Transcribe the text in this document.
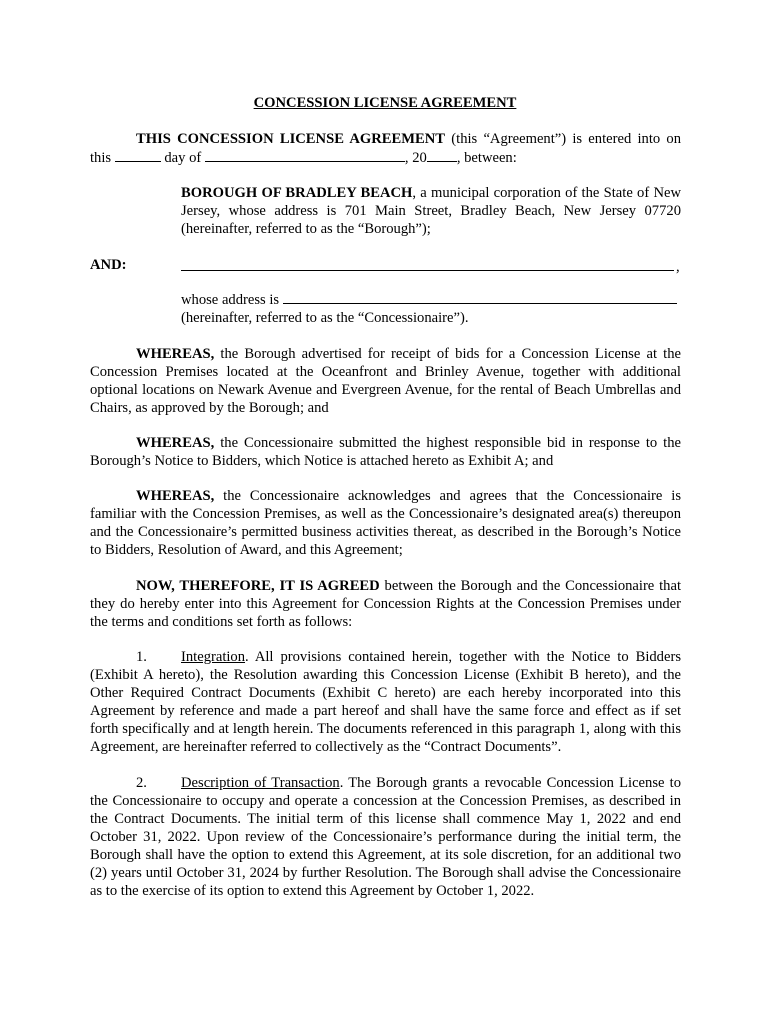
CONCESSION LICENSE AGREEMENT
THIS CONCESSION LICENSE AGREEMENT (this “Agreement”) is entered into on this	day of	, 20 , between:
BOROUGH OF BRADLEY BEACH, a municipal corporation of the State of New Jersey, whose address is 701 Main Street, Bradley Beach, New Jersey 07720 (hereinafter, referred to as the “Borough”);
AND:	,
whose address is
(hereinafter, referred to as the “Concessionaire”).
WHEREAS, the Borough advertised for receipt of bids for a Concession License at the Concession Premises located at the Oceanfront and Brinley Avenue, together with additional optional locations on Newark Avenue and Evergreen Avenue, for the rental of Beach Umbrellas and Chairs, as approved by the Borough; and
WHEREAS, the Concessionaire submitted the highest responsible bid in response to the Borough’s Notice to Bidders, which Notice is attached hereto as Exhibit A; and
WHEREAS, the Concessionaire acknowledges and agrees that the Concessionaire is familiar with the Concession Premises, as well as the Concessionaire’s designated area(s) thereupon and the Concessionaire’s permitted business activities thereat, as described in the Borough’s Notice to Bidders, Resolution of Award, and this Agreement;
NOW, THEREFORE, IT IS AGREED between the Borough and the Concessionaire that they do hereby enter into this Agreement for Concession Rights at the Concession Premises under the terms and conditions set forth as follows:
1. Integration. All provisions contained herein, together with the Notice to Bidders (Exhibit A hereto), the Resolution awarding this Concession License (Exhibit B hereto), and the Other Required Contract Documents (Exhibit C hereto) are each hereby incorporated into this Agreement by reference and made a part hereof and shall have the same force and effect as if set forth specifically and at length herein. The documents referenced in this paragraph 1, along with this Agreement, are hereinafter referred to collectively as the “Contract Documents”.
2. Description of Transaction. The Borough grants a revocable Concession License to the Concessionaire to occupy and operate a concession at the Concession Premises, as described in the Contract Documents. The initial term of this license shall commence May 1, 2022 and end October 31, 2022. Upon review of the Concessionaire’s performance during the initial term, the Borough shall have the option to extend this Agreement, at its sole discretion, for an additional two (2) years until October 31, 2024 by further Resolution. The Borough shall advise the Concessionaire as to the exercise of its option to extend this Agreement by October 1, 2022.
